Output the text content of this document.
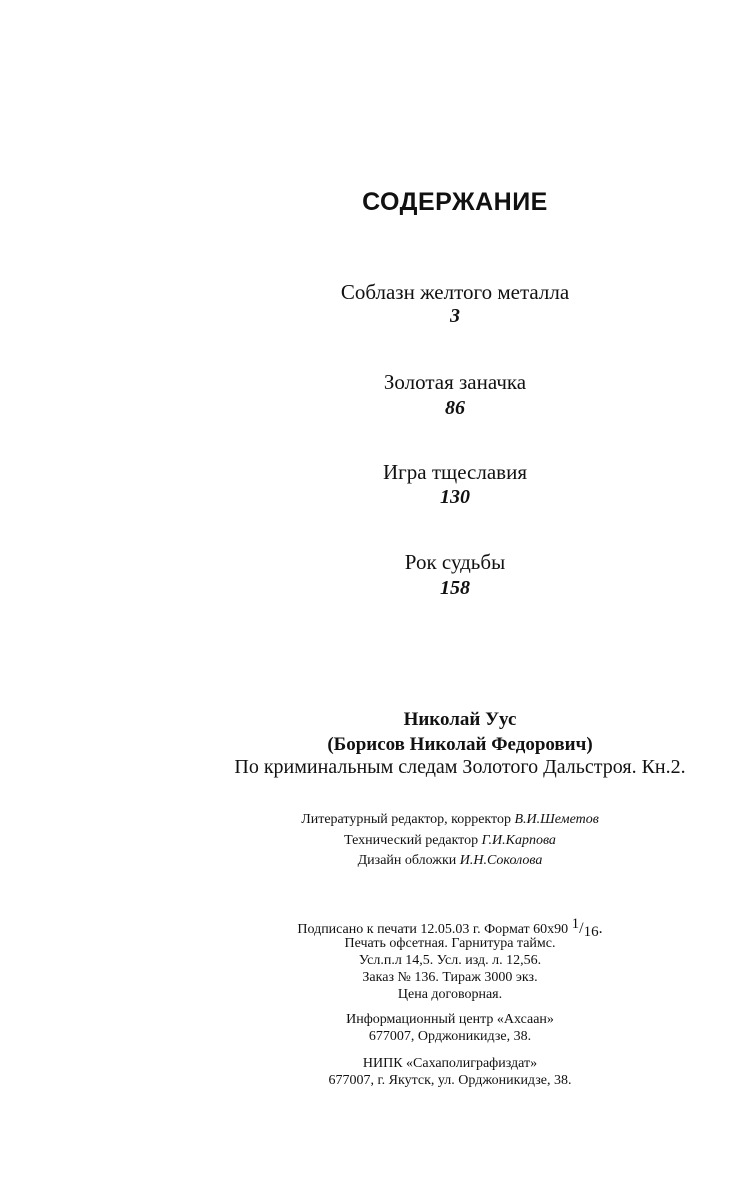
СОДЕРЖАНИЕ
Соблазн желтого металла
3
Золотая заначка
86
Игра тщеславия
130
Рок судьбы
158
Николай Уус
(Борисов Николай Федорович)
По криминальным следам Золотого Дальстроя. Кн.2.
Литературный редактор, корректор В.И.Шеметов
Технический редактор Г.И.Карпова
Дизайн обложки И.Н.Соколова
Подписано к печати 12.05.03 г. Формат 60x90 $^1/_{16}$.
Печать офсетная. Гарнитура таймс.
Усл.п.л 14,5. Усл. изд. л. 12,56.
Заказ № 136. Тираж 3000 экз.
Цена договорная.
Информационный центр «Ахсаан»
677007, Орджоникидзе, 38.
НИПК «Сахаполиграфиздат»
677007, г. Якутск, ул. Орджоникидзе, 38.
